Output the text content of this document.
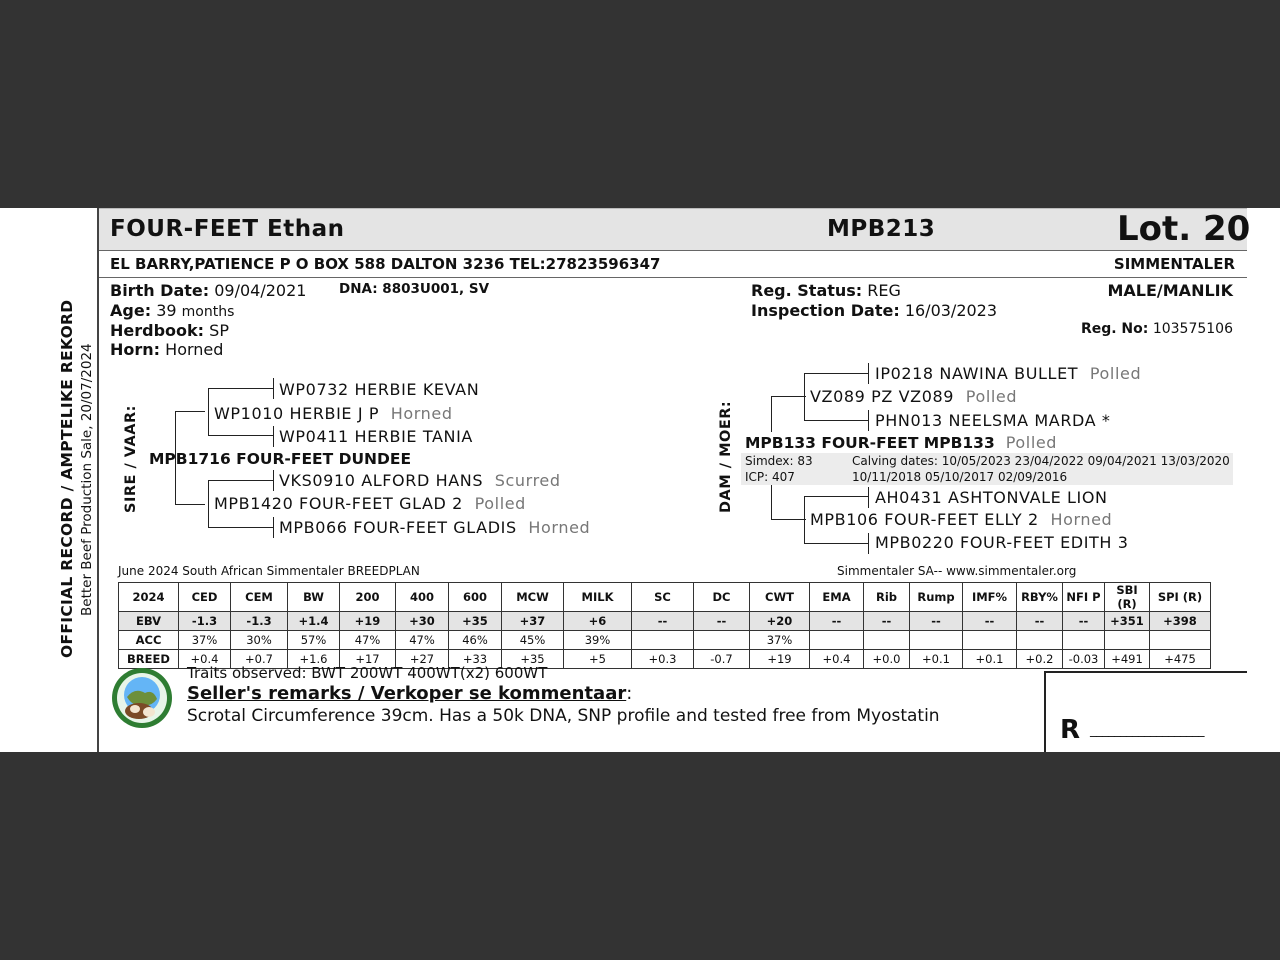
OFFICIAL RECORD / AMPTELIKE REKORD Better Beef Production Sale, 20/07/2024
FOUR-FEET Ethan	MPB213	Lot. 20
EL BARRY,PATIENCE P O BOX 588 DALTON 3236 TEL:27823596347	SIMMENTALER
Birth Date: 09/04/2021 DNA: 8803U001, SV
Age: 39 months
Herdbook: SP
Horn: Horned
Reg. Status: REG
Inspection Date: 16/03/2023
MALE/MANLIK
Reg. No: 103575106
SIRE / VAAR:
WP0732 HERBIE KEVAN
WP1010 HERBIE J P Horned
WP0411 HERBIE TANIA
MPB1716 FOUR-FEET DUNDEE
VKS0910 ALFORD HANS Scurred
MPB1420 FOUR-FEET GLAD 2 Polled
MPB066 FOUR-FEET GLADIS Horned
DAM / MOER:
IP0218 NAWINA BULLET Polled
VZ089 PZ VZ089 Polled
PHN013 NEELSMA MARDA *
MPB133 FOUR-FEET MPB133 Polled
Simdex: 83
ICP: 407
Calving dates: 10/05/2023 23/04/2022 09/04/2021 13/03/2020
10/11/2018 05/10/2017 02/09/2016
AH0431 ASHTONVALE LION
MPB106 FOUR-FEET ELLY 2 Horned
MPB0220 FOUR-FEET EDITH 3
June 2024 South African Simmentaler BREEDPLAN	Simmentaler SA-- www.simmentaler.org
2024	CED	CEM	BW	200	400	600	MCW	MILK	SC	DC	CWT	EMA	Rib	Rump	IMF%	RBY%	NFI P	SBI (R)	SPI (R)
EBV	-1.3	-1.3	+1.4	+19	+30	+35	+37	+6	--	--	+20	--	--	--	--	--	--	+351	+398
ACC	37%	30%	57%	47%	47%	46%	45%	39%			37%								
BREED	+0.4	+0.7	+1.6	+17	+27	+33	+35	+5	+0.3	-0.7	+19	+0.4	+0.0	+0.1	+0.1	+0.2	-0.03	+491	+475
Traits observed: BWT 200WT 400WT(x2) 600WT
Seller's remarks / Verkoper se kommentaar:
Scrotal Circumference 39cm. Has a 50k DNA, SNP profile and tested free from Myostatin	R ___________________
